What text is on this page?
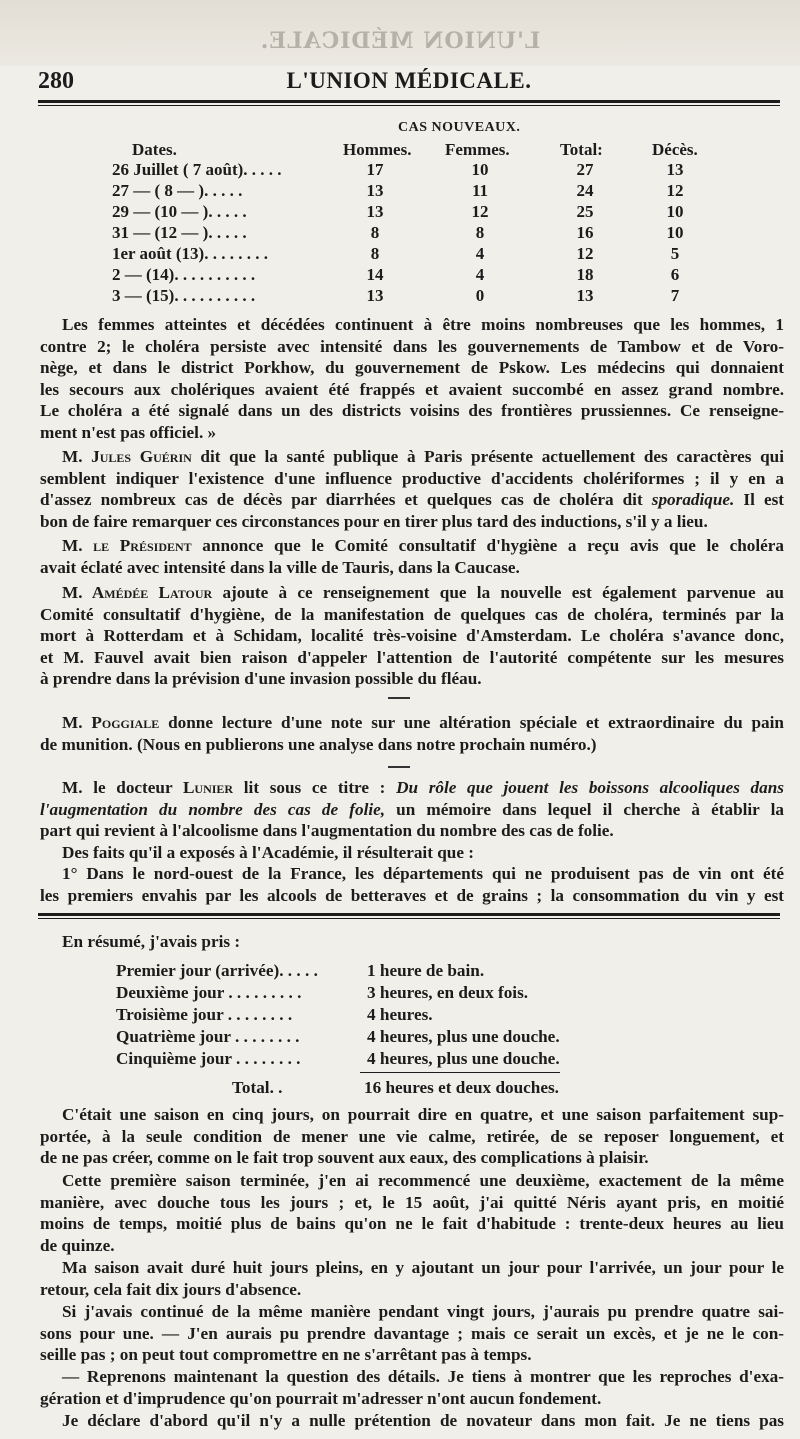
L'UNION MÉDICALE.
280	L'UNION MÉDICALE.
CAS NOUVEAUX.
Dates.	Hommes. Femmes.	Total:	Décès.
26 Juillet ( 7 août). . . . .	17	10	27	13
27 — ( 8 — ). . . . .	13	11	24	12
29 — (10 — ). . . . .	13	12	25	10
31 — (12 — ). . . . .	8	8	16	10
1er août (13). . . . . . . .	8	4	12	5
2 — (14). . . . . . . . . .	14	4	18	6
3 — (15). . . . . . . . . .	13	0	13	7
Les femmes atteintes et décédées continuent à être moins nombreuses que les hommes, 1
contre 2; le choléra persiste avec intensité dans les gouvernements de Tambow et de Voro-
nège, et dans le district Porkhow, du gouvernement de Pskow. Les médecins qui donnaient
les secours aux cholériques avaient été frappés et avaient succombé en assez grand nombre.
Le choléra a été signalé dans un des districts voisins des frontières prussiennes. Ce renseigne-
ment n'est pas officiel. »
M. Jules Guérin dit que la santé publique à Paris présente actuellement des caractères qui
semblent indiquer l'existence d'une influence productive d'accidents cholériformes ; il y en a
d'assez nombreux cas de décès par diarrhées et quelques cas de choléra dit sporadique. Il est
bon de faire remarquer ces circonstances pour en tirer plus tard des inductions, s'il y a lieu.
M. le Président annonce que le Comité consultatif d'hygiène a reçu avis que le choléra
avait éclaté avec intensité dans la ville de Tauris, dans la Caucase.
M. Amédée Latour ajoute à ce renseignement que la nouvelle est également parvenue au
Comité consultatif d'hygiène, de la manifestation de quelques cas de choléra, terminés par la
mort à Rotterdam et à Schidam, localité très-voisine d'Amsterdam. Le choléra s'avance donc,
et M. Fauvel avait bien raison d'appeler l'attention de l'autorité compétente sur les mesures
à prendre dans la prévision d'une invasion possible du fléau.
M. Poggiale donne lecture d'une note sur une altération spéciale et extraordinaire du pain
de munition. (Nous en publierons une analyse dans notre prochain numéro.)
M. le docteur Lunier lit sous ce titre : Du rôle que jouent les boissons alcooliques dans
l'augmentation du nombre des cas de folie, un mémoire dans lequel il cherche à établir la
part qui revient à l'alcoolisme dans l'augmentation du nombre des cas de folie.
Des faits qu'il a exposés à l'Académie, il résulterait que :
1° Dans le nord-ouest de la France, les départements qui ne produisent pas de vin ont été
les premiers envahis par les alcools de betteraves et de grains ; la consommation du vin y est
En résumé, j'avais pris :
Premier jour (arrivée). . . . .	1 heure de bain.
Deuxième jour . . . . . . . . .	3 heures, en deux fois.
Troisième jour . . . . . . . .	4 heures.
Quatrième jour . . . . . . . .	4 heures, plus une douche.
Cinquième jour . . . . . . . .	4 heures, plus une douche.
Total. .	16 heures et deux douches.
C'était une saison en cinq jours, on pourrait dire en quatre, et une saison parfaitement sup-
portée, à la seule condition de mener une vie calme, retirée, de se reposer longuement, et
de ne pas créer, comme on le fait trop souvent aux eaux, des complications à plaisir.
Cette première saison terminée, j'en ai recommencé une deuxième, exactement de la même
manière, avec douche tous les jours ; et, le 15 août, j'ai quitté Néris ayant pris, en moitié
moins de temps, moitié plus de bains qu'on ne le fait d'habitude : trente-deux heures au lieu
de quinze.
Ma saison avait duré huit jours pleins, en y ajoutant un jour pour l'arrivée, un jour pour le
retour, cela fait dix jours d'absence.
Si j'avais continué de la même manière pendant vingt jours, j'aurais pu prendre quatre sai-
sons pour une. — J'en aurais pu prendre davantage ; mais ce serait un excès, et je ne le con-
seille pas ; on peut tout compromettre en ne s'arrêtant pas à temps.
— Reprenons maintenant la question des détails. Je tiens à montrer que les reproches d'exa-
gération et d'imprudence qu'on pourrait m'adresser n'ont aucun fondement.
Je déclare d'abord qu'il n'y a nulle prétention de novateur dans mon fait. Je ne tiens pas
